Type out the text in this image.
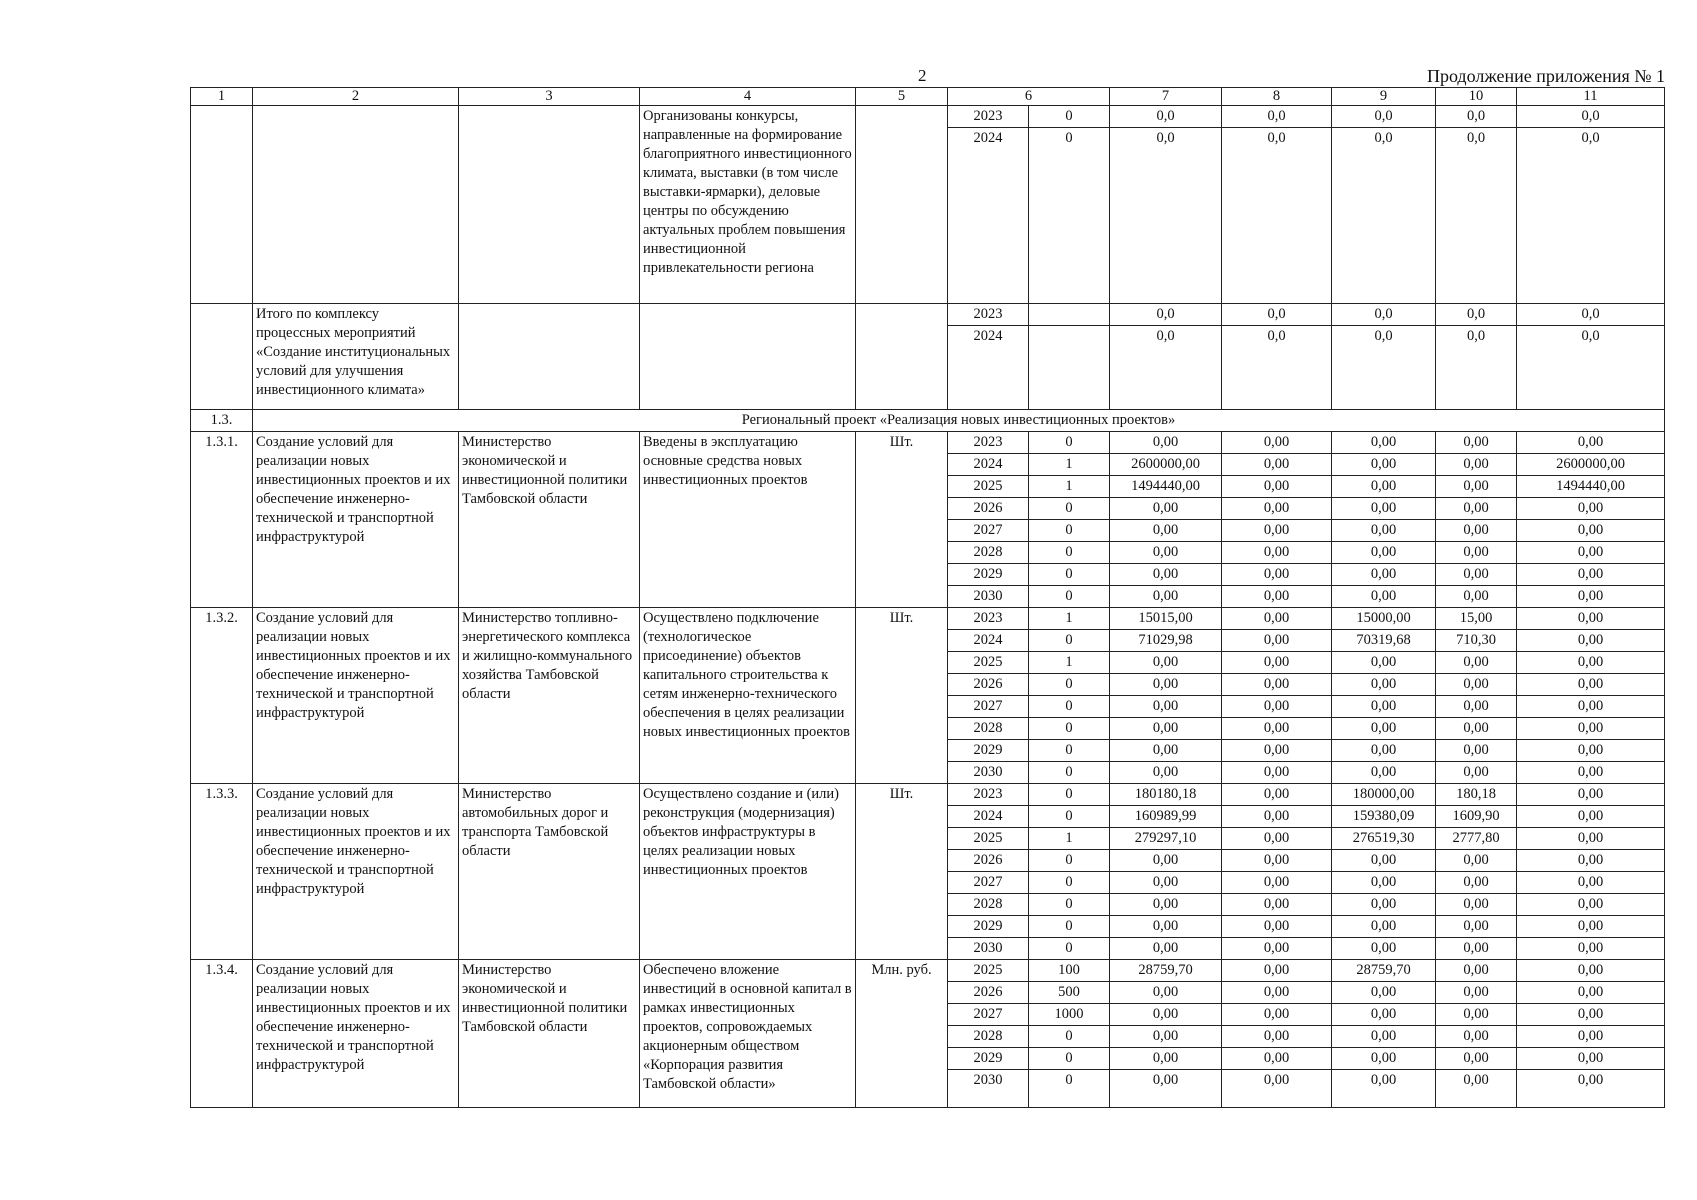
2	Продолжение приложения № 1
1	2	3	4	5	6		7	8	9	10	11
			Организованы конкурсы, направленные на формирование благоприятного инвестиционного климата, выставки (в том числе выставки-ярмарки), деловые центры по обсуждению актуальных проблем повышения инвестиционной привлекательности региона		2023	0	0,0	0,0	0,0	0,0	0,0
					2024	0	0,0	0,0	0,0	0,0	0,0
	Итого по комплексу процессных мероприятий «Создание институциональных условий для улучшения инвестиционного климата»				2023		0,0	0,0	0,0	0,0	0,0
					2024		0,0	0,0	0,0	0,0	0,0
1.3.	Региональный проект «Реализация новых инвестиционных проектов»										
1.3.1.	Создание условий для реализации новых инвестиционных проектов и их обеспечение инженерно-технической и транспортной инфраструктурой	Министерство экономической и инвестиционной политики Тамбовской области	Введены в эксплуатацию основные средства новых инвестиционных проектов	Шт.	2023	0	0,00	0,00	0,00	0,00	0,00
					2024	1	2600000,00	0,00	0,00	0,00	2600000,00
					2025	1	1494440,00	0,00	0,00	0,00	1494440,00
					2026	0	0,00	0,00	0,00	0,00	0,00
					2027	0	0,00	0,00	0,00	0,00	0,00
					2028	0	0,00	0,00	0,00	0,00	0,00
					2029	0	0,00	0,00	0,00	0,00	0,00
					2030	0	0,00	0,00	0,00	0,00	0,00
1.3.2.	Создание условий для реализации новых инвестиционных проектов и их обеспечение инженерно-технической и транспортной инфраструктурой	Министерство топливно-энергетического комплекса и жилищно-коммунального хозяйства Тамбовской области	Осуществлено подключение (технологическое присоединение) объектов капитального строительства к сетям инженерно-технического обеспечения в целях реализации новых инвестиционных проектов	Шт.	2023	1	15015,00	0,00	15000,00	15,00	0,00
					2024	0	71029,98	0,00	70319,68	710,30	0,00
					2025	1	0,00	0,00	0,00	0,00	0,00
					2026	0	0,00	0,00	0,00	0,00	0,00
					2027	0	0,00	0,00	0,00	0,00	0,00
					2028	0	0,00	0,00	0,00	0,00	0,00
					2029	0	0,00	0,00	0,00	0,00	0,00
					2030	0	0,00	0,00	0,00	0,00	0,00
1.3.3.	Создание условий для реализации новых инвестиционных проектов и их обеспечение инженерно-технической и транспортной инфраструктурой	Министерство автомобильных дорог и транспорта Тамбовской области	Осуществлено создание и (или) реконструкция (модернизация) объектов инфраструктуры в целях реализации новых инвестиционных проектов	Шт.	2023	0	180180,18	0,00	180000,00	180,18	0,00
					2024	0	160989,99	0,00	159380,09	1609,90	0,00
					2025	1	279297,10	0,00	276519,30	2777,80	0,00
					2026	0	0,00	0,00	0,00	0,00	0,00
					2027	0	0,00	0,00	0,00	0,00	0,00
					2028	0	0,00	0,00	0,00	0,00	0,00
					2029	0	0,00	0,00	0,00	0,00	0,00
					2030	0	0,00	0,00	0,00	0,00	0,00
1.3.4.	Создание условий для реализации новых инвестиционных проектов и их обеспечение инженерно-технической и транспортной инфраструктурой	Министерство экономической и инвестиционной политики Тамбовской области	Обеспечено вложение инвестиций в основной капитал в рамках инвестиционных проектов, сопровождаемых акционерным обществом «Корпорация развития Тамбовской области»	Млн. руб.	2025	100	28759,70	0,00	28759,70	0,00	0,00
					2026	500	0,00	0,00	0,00	0,00	0,00
					2027	1000	0,00	0,00	0,00	0,00	0,00
					2028	0	0,00	0,00	0,00	0,00	0,00
					2029	0	0,00	0,00	0,00	0,00	0,00
					2030	0	0,00	0,00	0,00	0,00	0,00
